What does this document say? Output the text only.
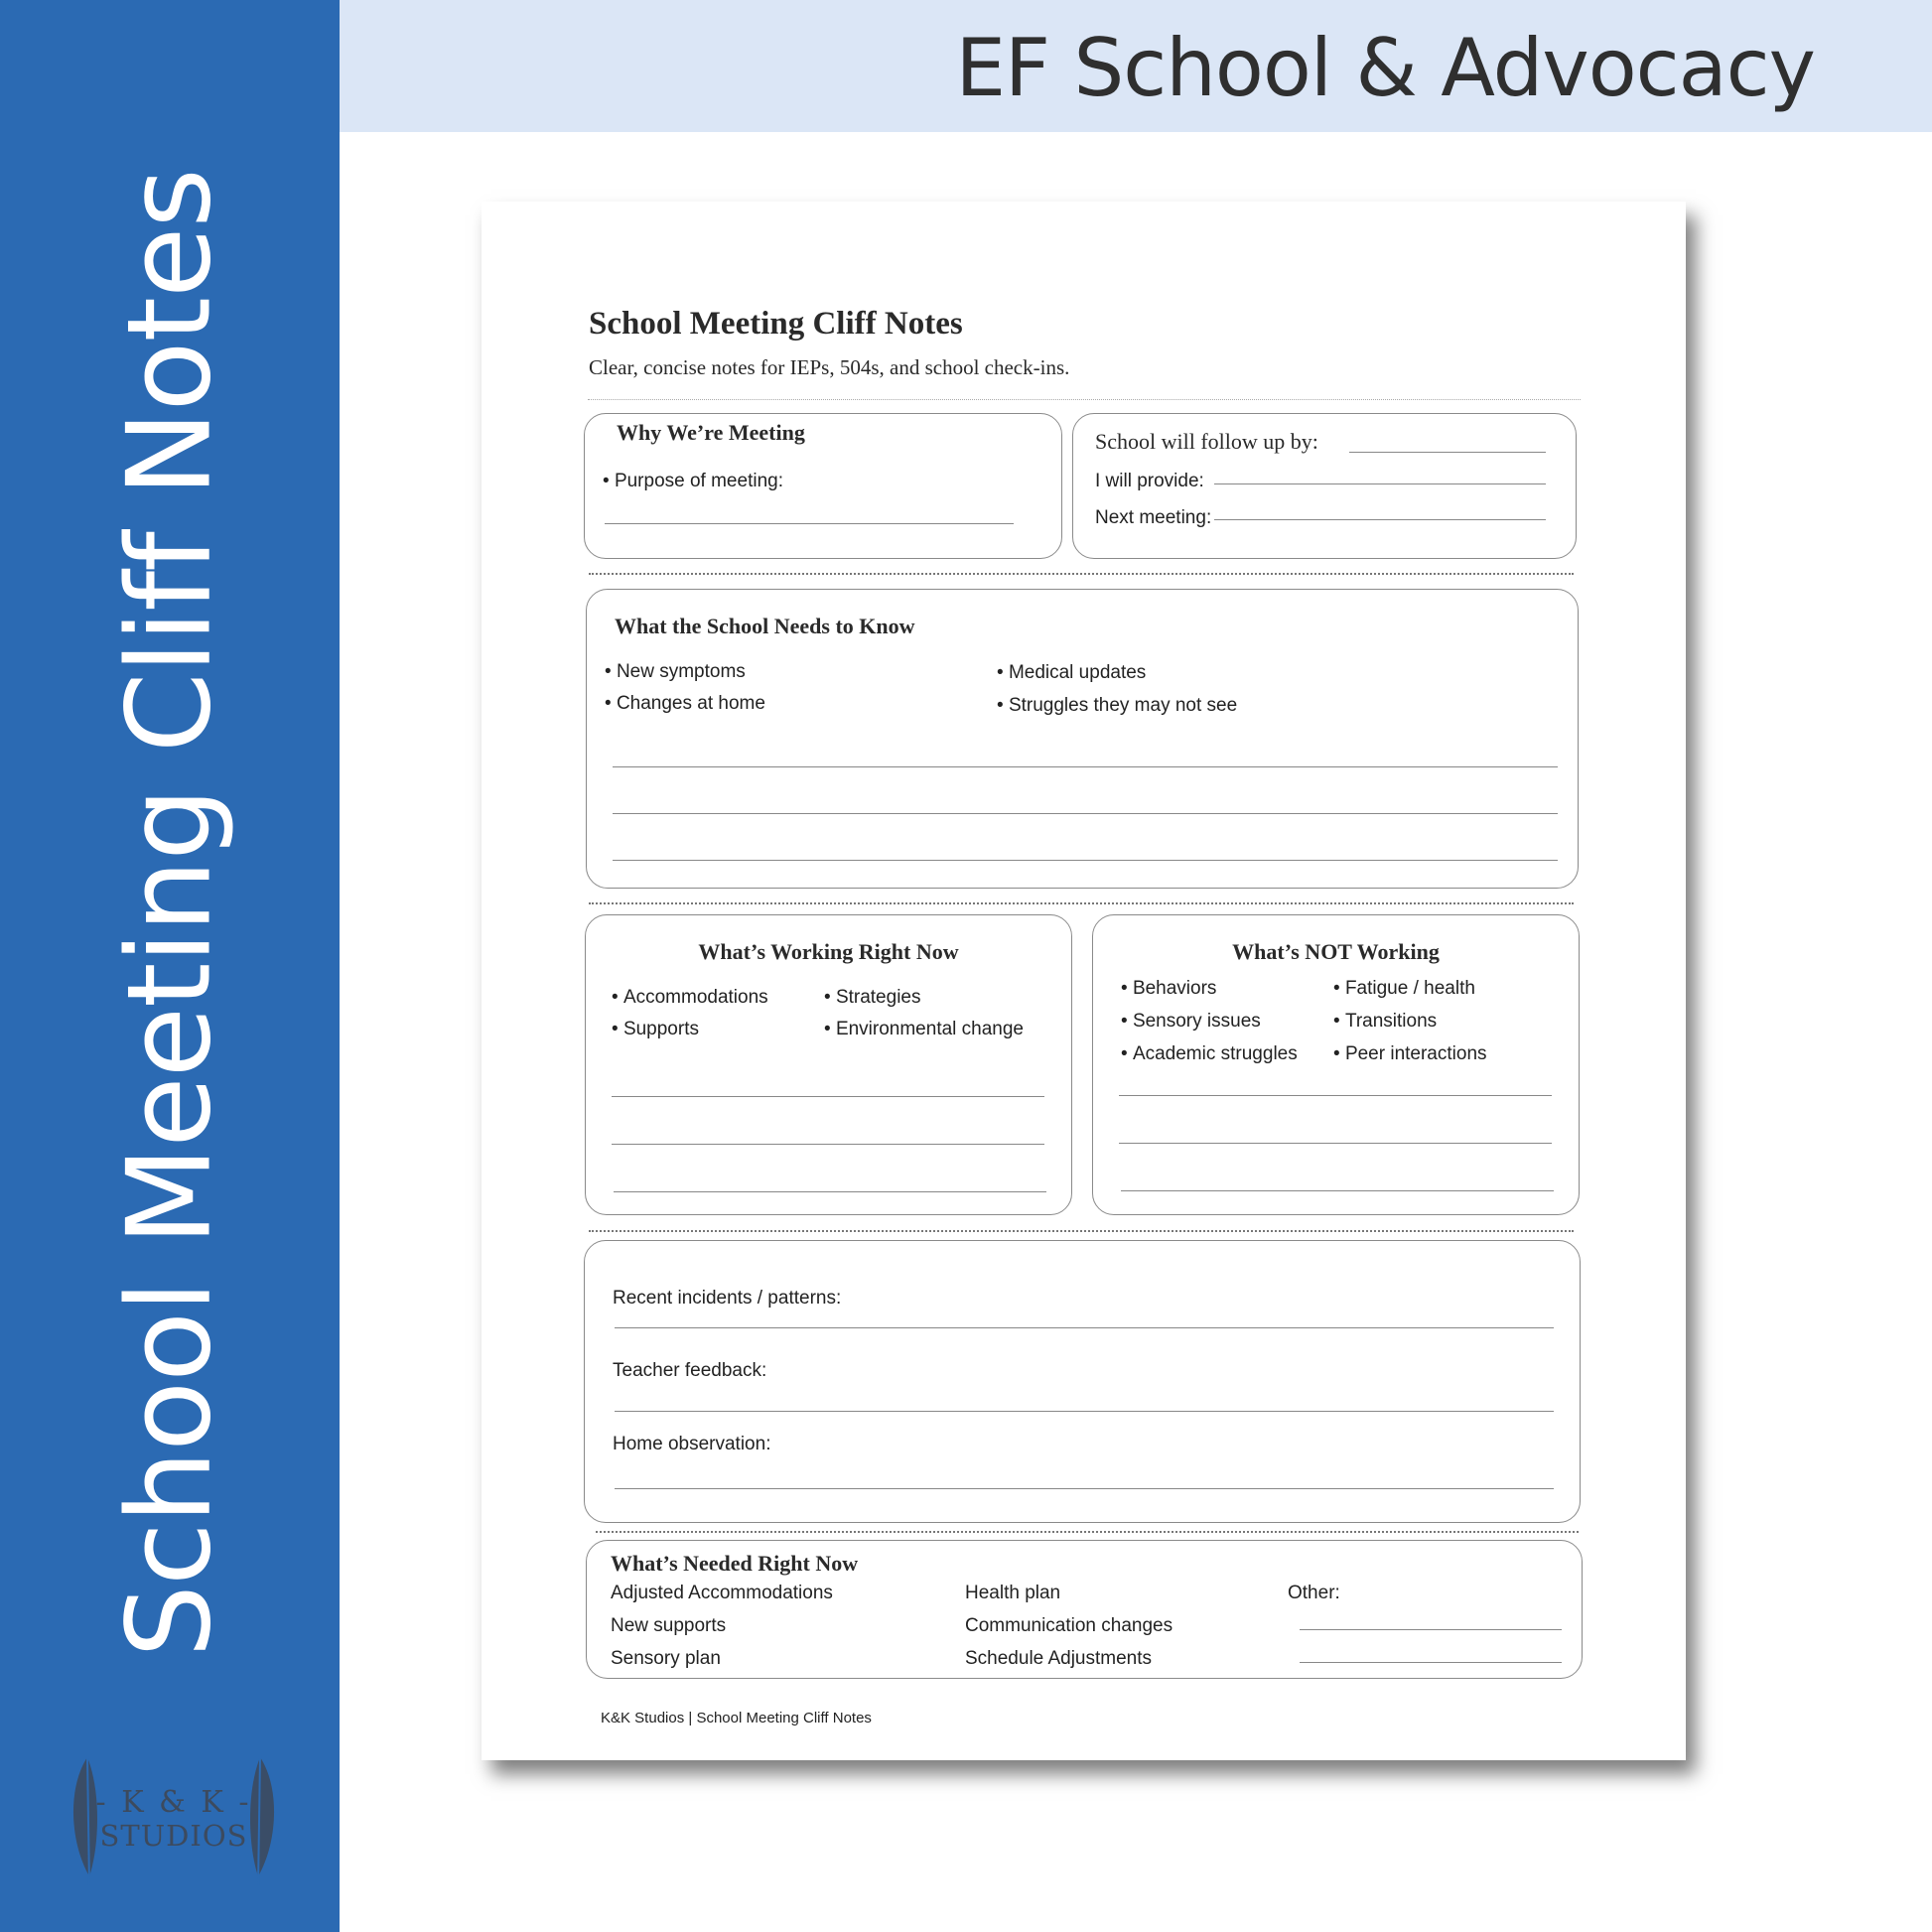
School Meeting Cliff Notes
- K & K -
STUDIOS
EF School & Advocacy
School Meeting Cliff Notes
Clear, concise notes for IEPs, 504s, and school check-ins.
Why We’re Meeting
• Purpose of meeting:
School will follow up by:
I will provide:
Next meeting:
What the School Needs to Know
• New symptoms
• Changes at home
• Medical updates
• Struggles they may not see
What’s Working Right Now
• Accommodations
• Supports
• Strategies
• Environmental change
What’s NOT Working
• Behaviors
• Sensory issues
• Academic struggles
• Fatigue / health
• Transitions
• Peer interactions
Recent incidents / patterns:
Teacher feedback:
Home observation:
What’s Needed Right Now
Adjusted Accommodations
New supports
Sensory plan
Health plan
Communication changes
Schedule Adjustments
Other:
K&K Studios | School Meeting Cliff Notes
